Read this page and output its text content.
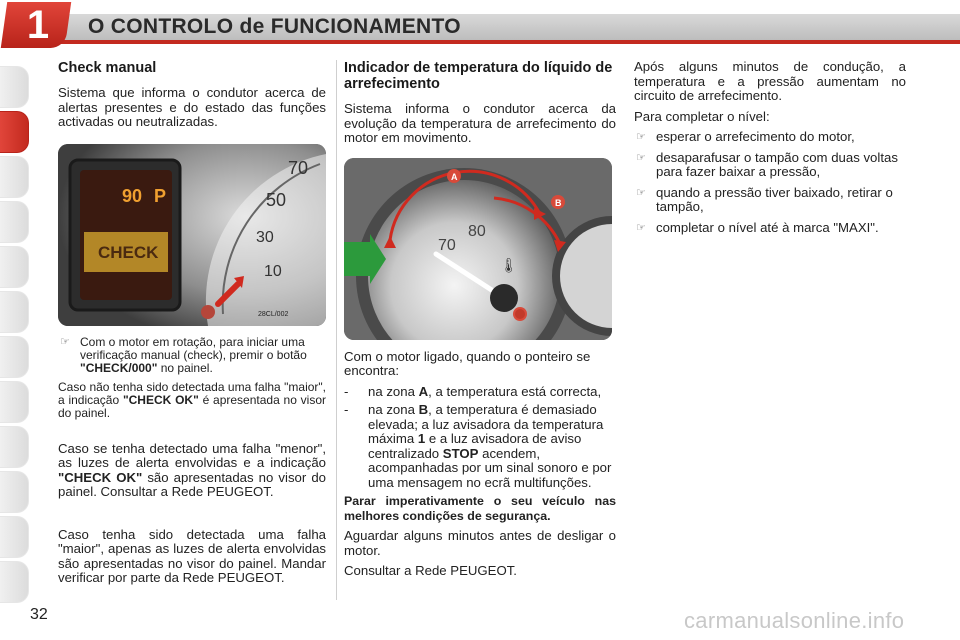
1	O CONTROLO de FUNCIONAMENTO
Check manual

Sistema que informa o condutor acerca de alertas presentes e do estado das funções activadas ou neutralizadas.

70
50
30
10
90 P
CHECK
28CL/002
☞ Com o motor em rotação, para iniciar uma verificação manual (check), premir o botão "CHECK/000" no painel.

Caso não tenha sido detectada uma falha "maior", a indicação "CHECK OK" é apresentada no visor do painel.

Caso se tenha detectado uma falha "menor", as luzes de alerta envolvidas e a indicação "CHECK OK" são apresentadas no visor do painel. Consultar a Rede PEUGEOT.

Caso tenha sido detectada uma falha "maior", apenas as luzes de alerta envolvidas são apresentadas no visor do painel. Mandar verificar por parte da Rede PEUGEOT.

Indicador de temperatura do líquido de arrefecimento

Sistema informa o condutor acerca da evolução da temperatura de arrefecimento do motor em movimento.

A
B
70
80
🌡

Com o motor ligado, quando o ponteiro se encontra:

- na zona A, a temperatura está correcta,
- na zona B, a temperatura é demasiado elevada; a luz avisadora da temperatura máxima 1 e a luz avisadora de aviso centralizado STOP acendem, acompanhadas por um sinal sonoro e por uma mensagem no ecrã multifunções.

Parar imperativamente o seu veículo nas melhores condições de segurança.

Aguardar alguns minutos antes de desligar o motor.

Consultar a Rede PEUGEOT.

Após alguns minutos de condução, a temperatura e a pressão aumentam no circuito de arrefecimento.

Para completar o nível:

☞ esperar o arrefecimento do motor,
☞ desaparafusar o tampão com duas voltas para fazer baixar a pressão,
☞ quando a pressão tiver baixado, retirar o tampão,
☞ completar o nível até à marca "MAXI".
32	carmanualsonline.info
